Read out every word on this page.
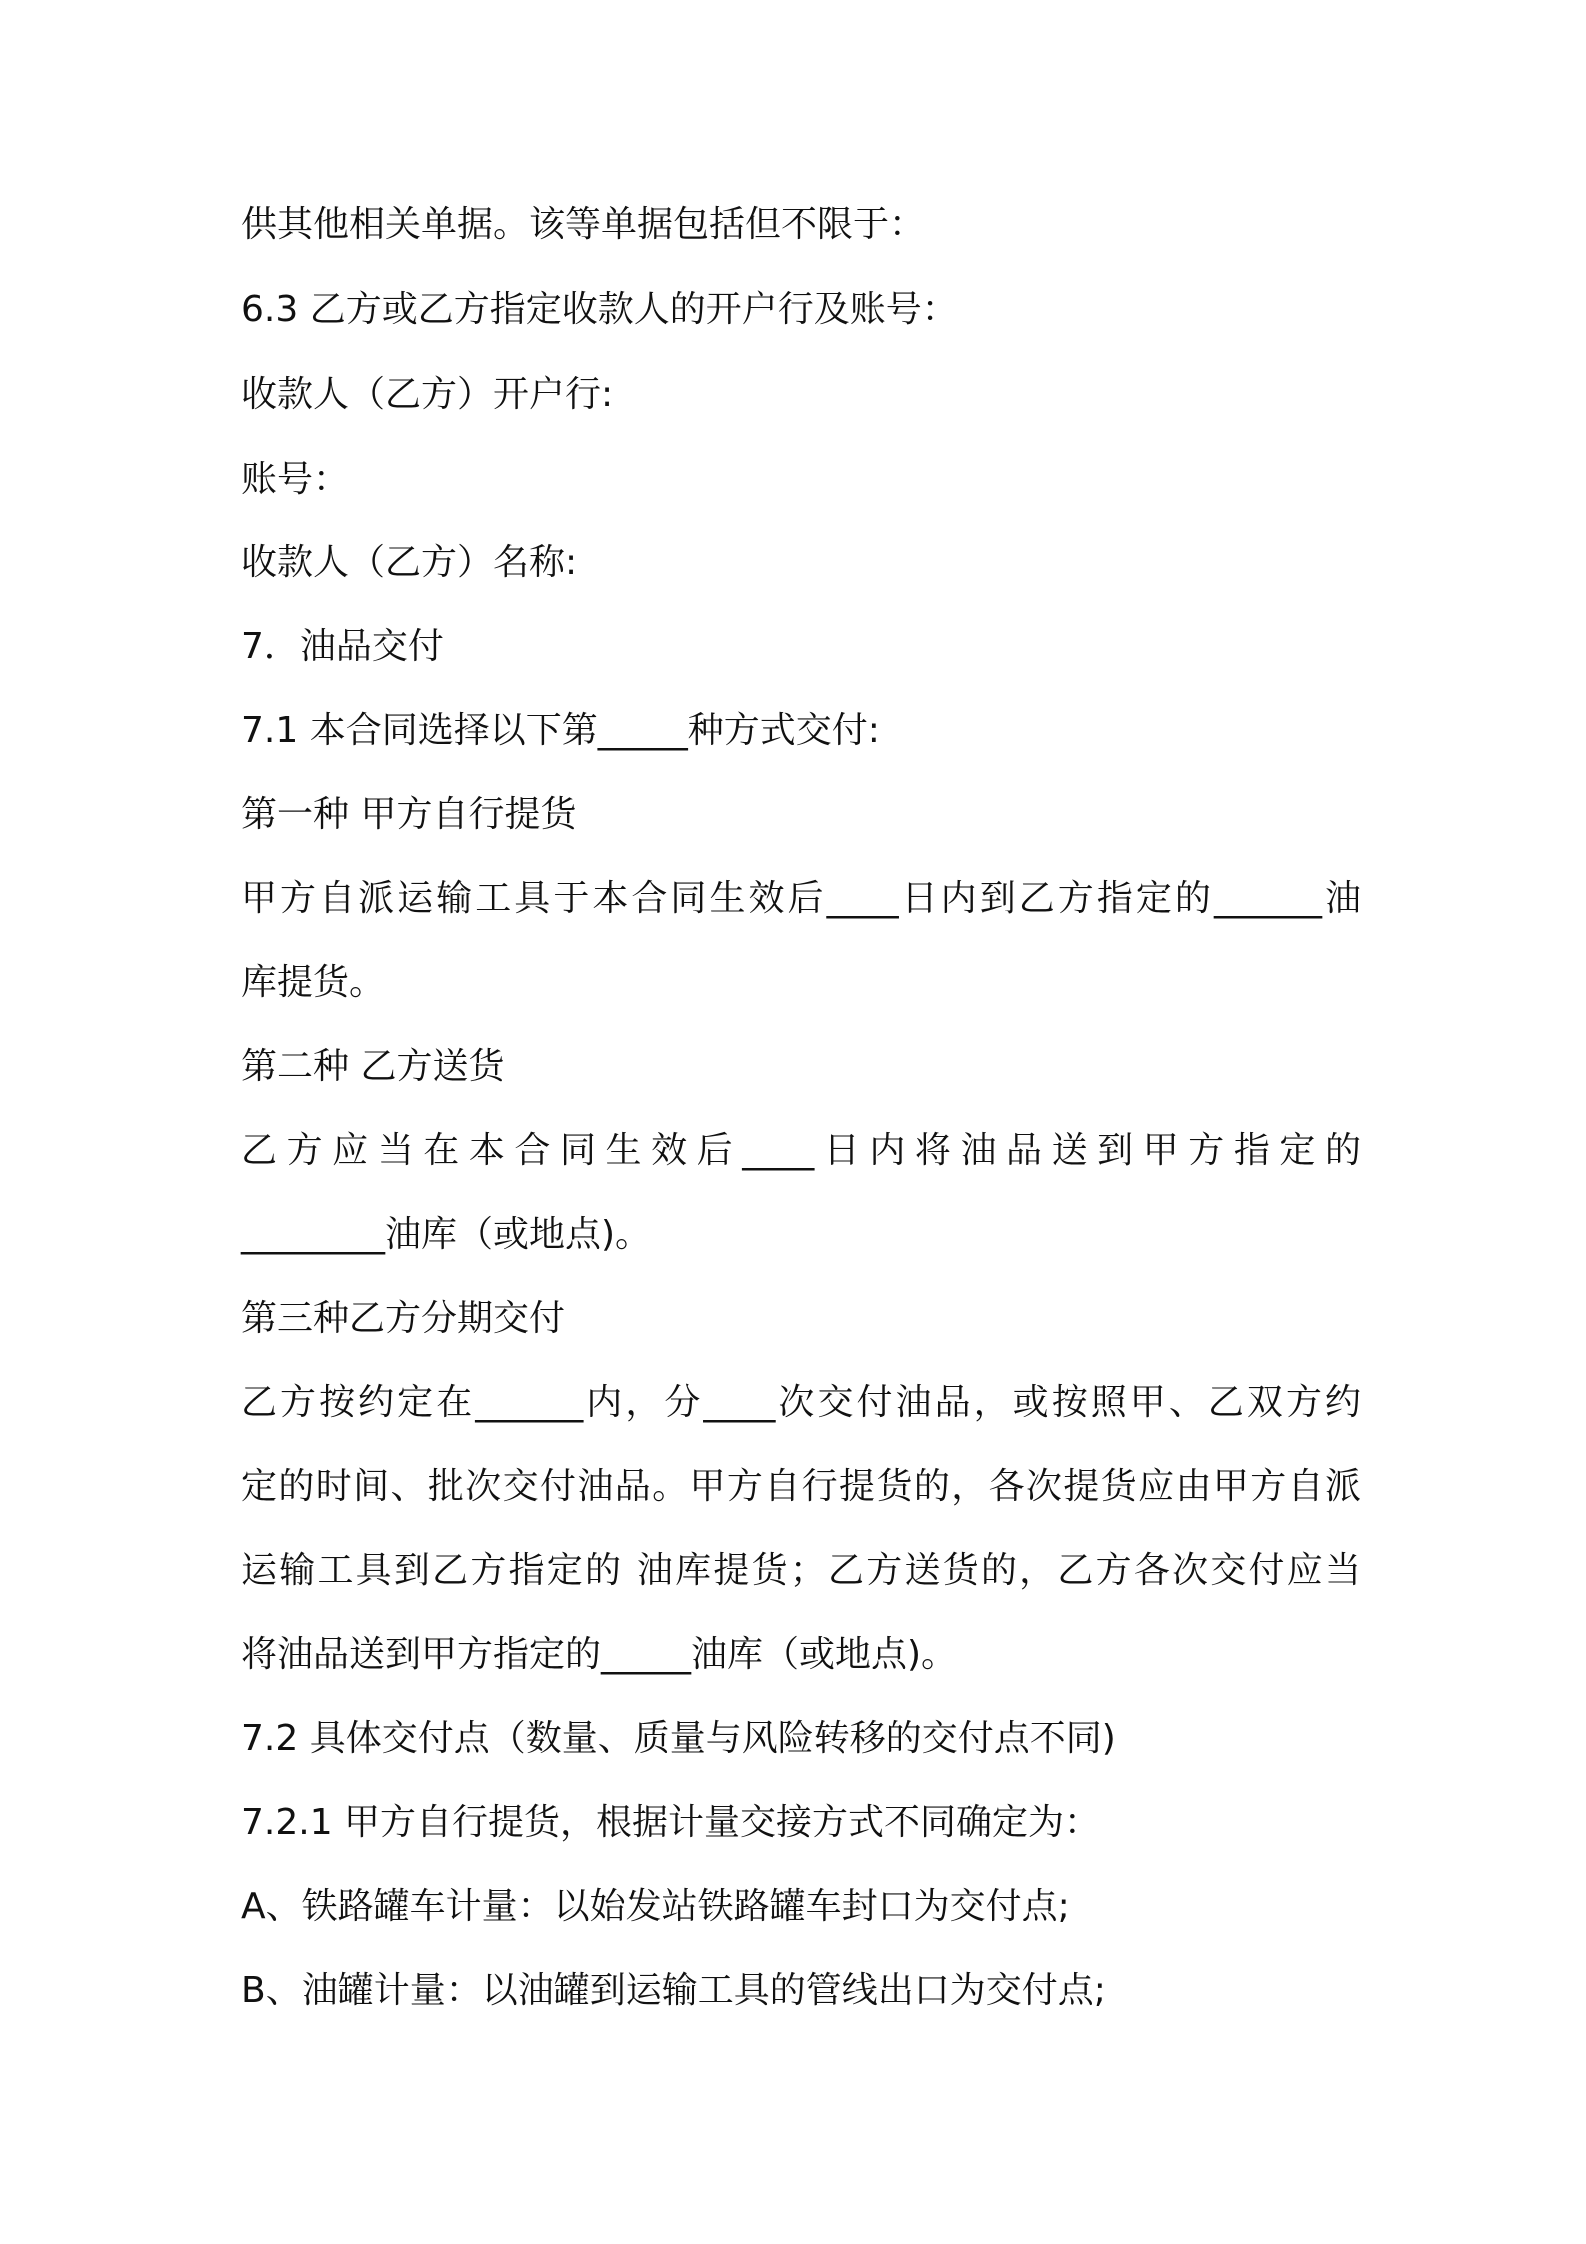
供其他相关单据。该等单据包括但不限于：
6.3 乙方或乙方指定收款人的开户行及账号：
收款人（乙方）开户行:
账号：
收款人（乙方）名称:
7．油品交付
7.1 本合同选择以下第_____种方式交付:
第一种 甲方自行提货
甲方自派运输工具于本合同生效后____日内到乙方指定的______油
库提货。
第二种 乙方送货
乙方应当在本合同生效后____日内将油品送到甲方指定的
________油库（或地点)。
第三种乙方分期交付
乙方按约定在______内，分____次交付油品，或按照甲、乙双方约
定的时间、批次交付油品。甲方自行提货的，各次提货应由甲方自派
运输工具到乙方指定的 油库提货；乙方送货的，乙方各次交付应当
将油品送到甲方指定的_____油库（或地点)。
7.2 具体交付点（数量、质量与风险转移的交付点不同)
7.2.1 甲方自行提货，根据计量交接方式不同确定为：
A、铁路罐车计量：以始发站铁路罐车封口为交付点;
B、油罐计量：以油罐到运输工具的管线出口为交付点;
